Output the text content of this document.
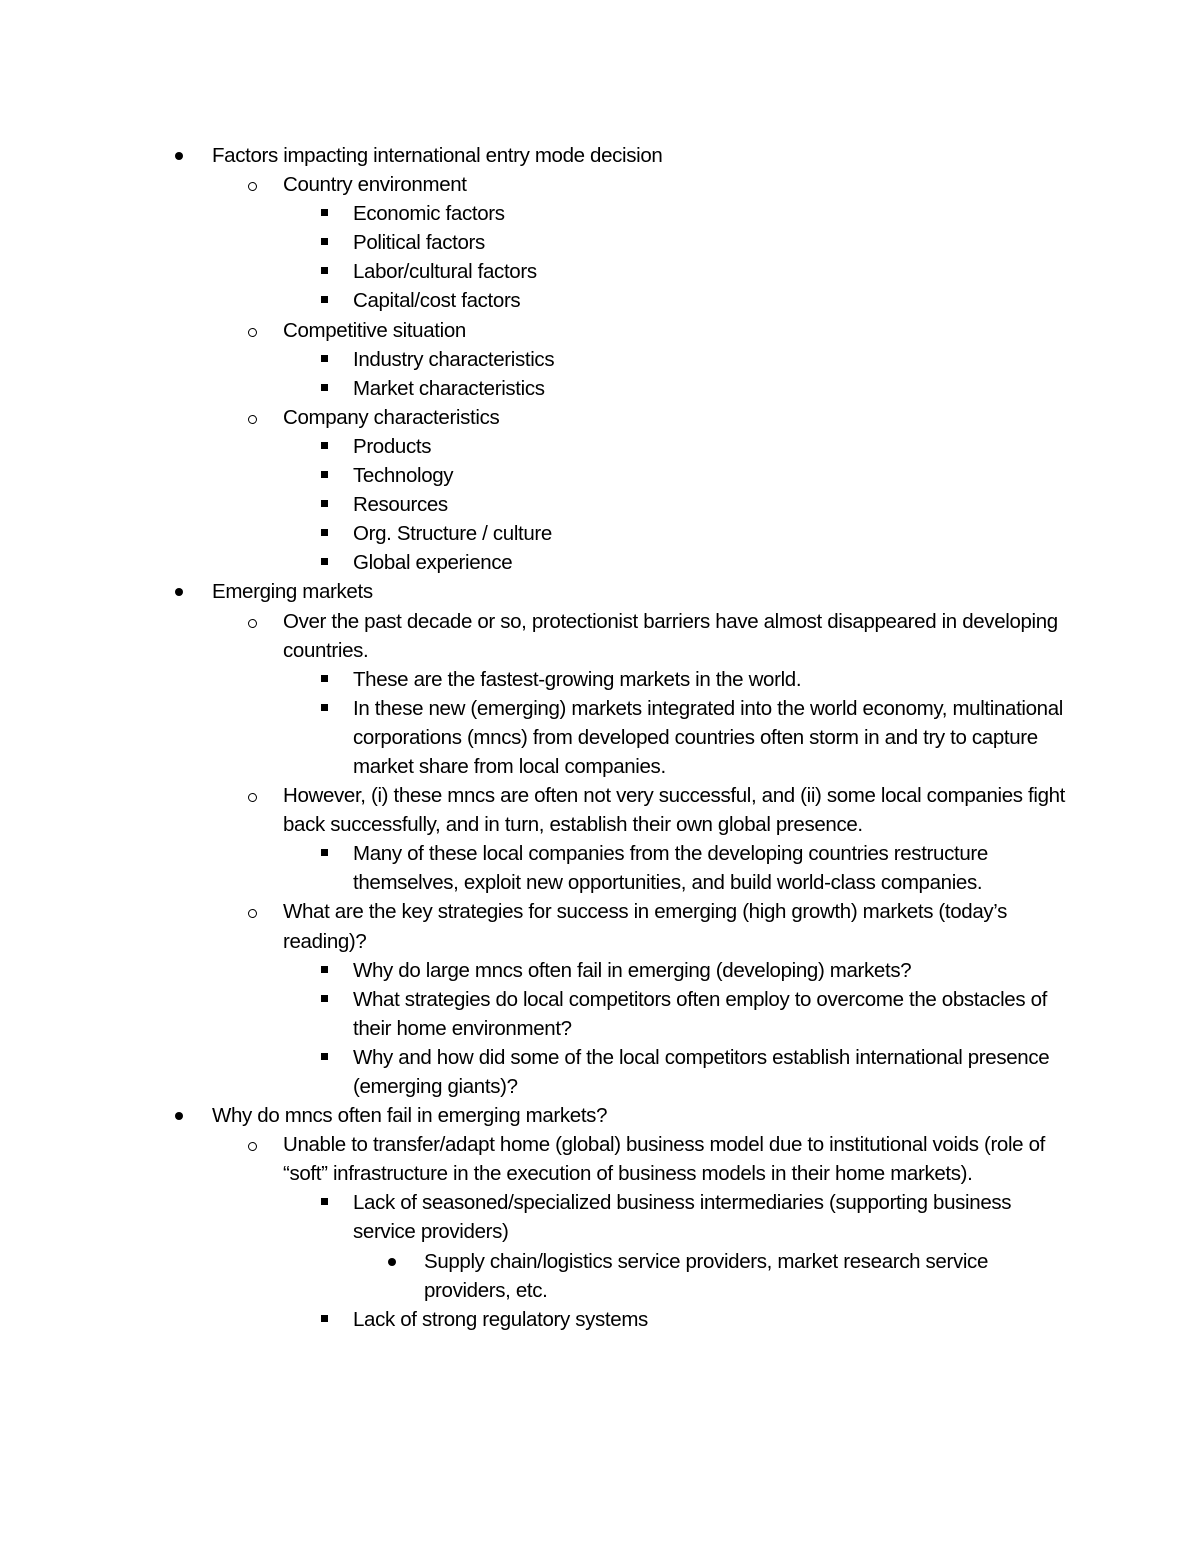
Factors impacting international entry mode decision
Country environment
Economic factors
Political factors
Labor/cultural factors
Capital/cost factors
Competitive situation
Industry characteristics
Market characteristics
Company characteristics
Products
Technology
Resources
Org. Structure / culture
Global experience
Emerging markets
Over the past decade or so, protectionist barriers have almost disappeared in developing countries.
These are the fastest-growing markets in the world.
In these new (emerging) markets integrated into the world economy, multinational corporations (mncs) from developed countries often storm in and try to capture market share from local companies.
However, (i) these mncs are often not very successful, and (ii) some local companies fight back successfully, and in turn, establish their own global presence.
Many of these local companies from the developing countries restructure themselves, exploit new opportunities, and build world-class companies.
What are the key strategies for success in emerging (high growth) markets (today’s reading)?
Why do large mncs often fail in emerging (developing) markets?
What strategies do local competitors often employ to overcome the obstacles of their home environment?
Why and how did some of the local competitors establish international presence (emerging giants)?
Why do mncs often fail in emerging markets?
Unable to transfer/adapt home (global) business model due to institutional voids (role of “soft” infrastructure in the execution of business models in their home markets).
Lack of seasoned/specialized business intermediaries (supporting business service providers)
Supply chain/logistics service providers, market research service providers, etc.
Lack of strong regulatory systems
